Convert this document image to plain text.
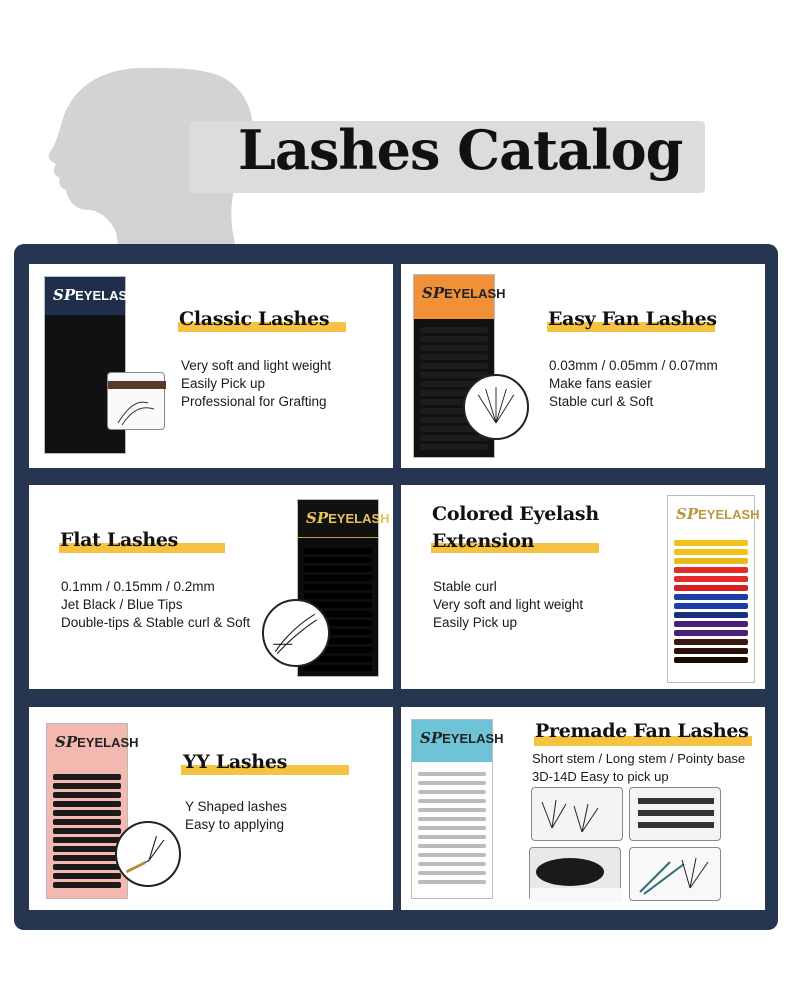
Lashes Catalog
SPEYELASH
Classic Lashes
Very soft and light weight
Easily Pick up
Professional for Grafting
SPEYELASH
Easy Fan Lashes
0.03mm / 0.05mm / 0.07mm
Make fans easier
Stable curl & Soft
Flat Lashes
0.1mm / 0.15mm / 0.2mm
Jet Black / Blue Tips
Double-tips & Stable curl & Soft
SPEYELASH Colored Eyelash
Extension
Stable curl
Very soft and light weight
Easily Pick up
SPEYELASH
SPEYELASH
YY Lashes
Y Shaped lashes
Easy to applying
SPEYELASH Premade Fan Lashes
Short stem / Long stem / Pointy base
3D-14D Easy to pick up
